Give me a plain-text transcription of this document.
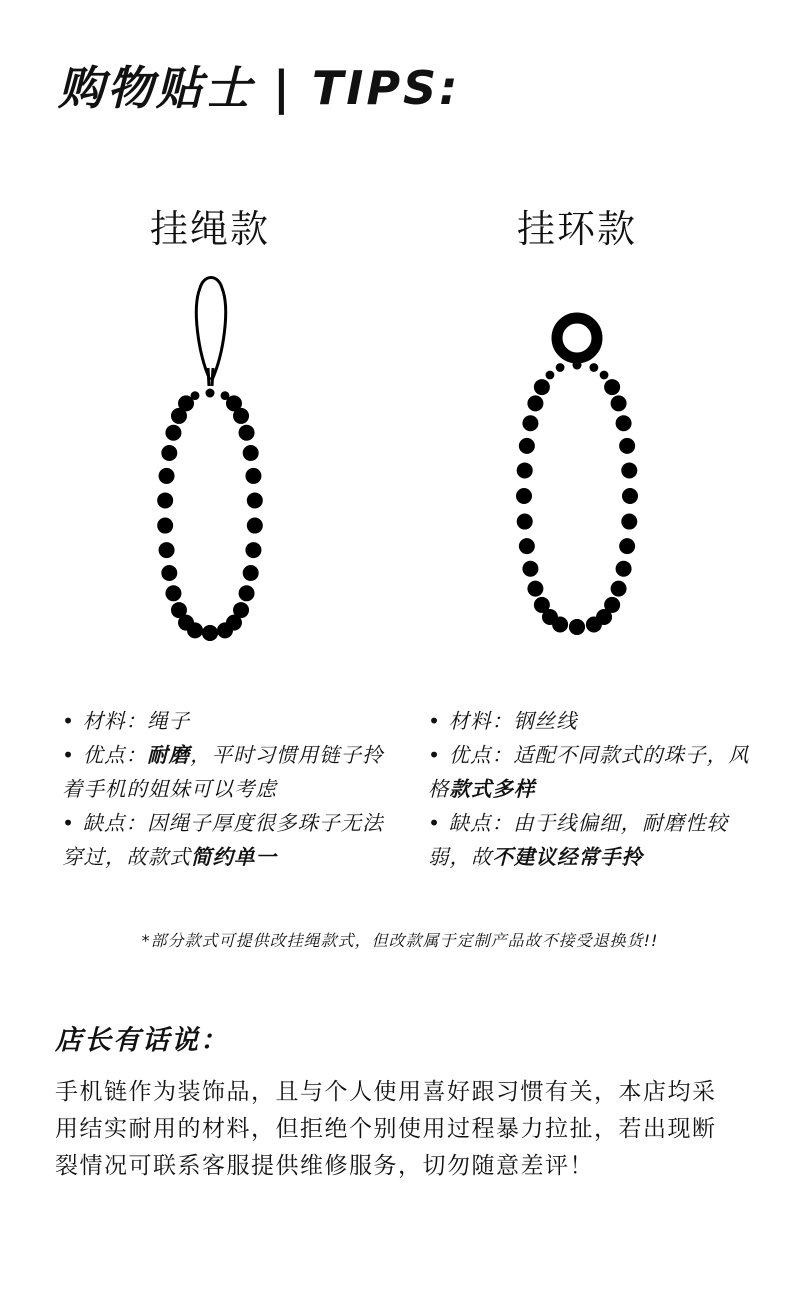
购物贴士 | TIPS:
挂绳款	挂环款

• 材料：绳子

• 优点：耐磨，平时习惯用链子拎着手机的姐妹可以考虑

• 缺点：因绳子厚度很多珠子无法穿过，故款式简约单一

• 材料：钢丝线

• 优点：适配不同款式的珠子，风格款式多样

• 缺点：由于线偏细，耐磨性较弱，故不建议经常手拎

*部分款式可提供改挂绳款式，但改款属于定制产品故不接受退换货!!
店长有话说：

手机链作为装饰品，且与个人使用喜好跟习惯有关，本店均采用结实耐用的材料，但拒绝个别使用过程暴力拉扯，若出现断裂情况可联系客服提供维修服务，切勿随意差评！
